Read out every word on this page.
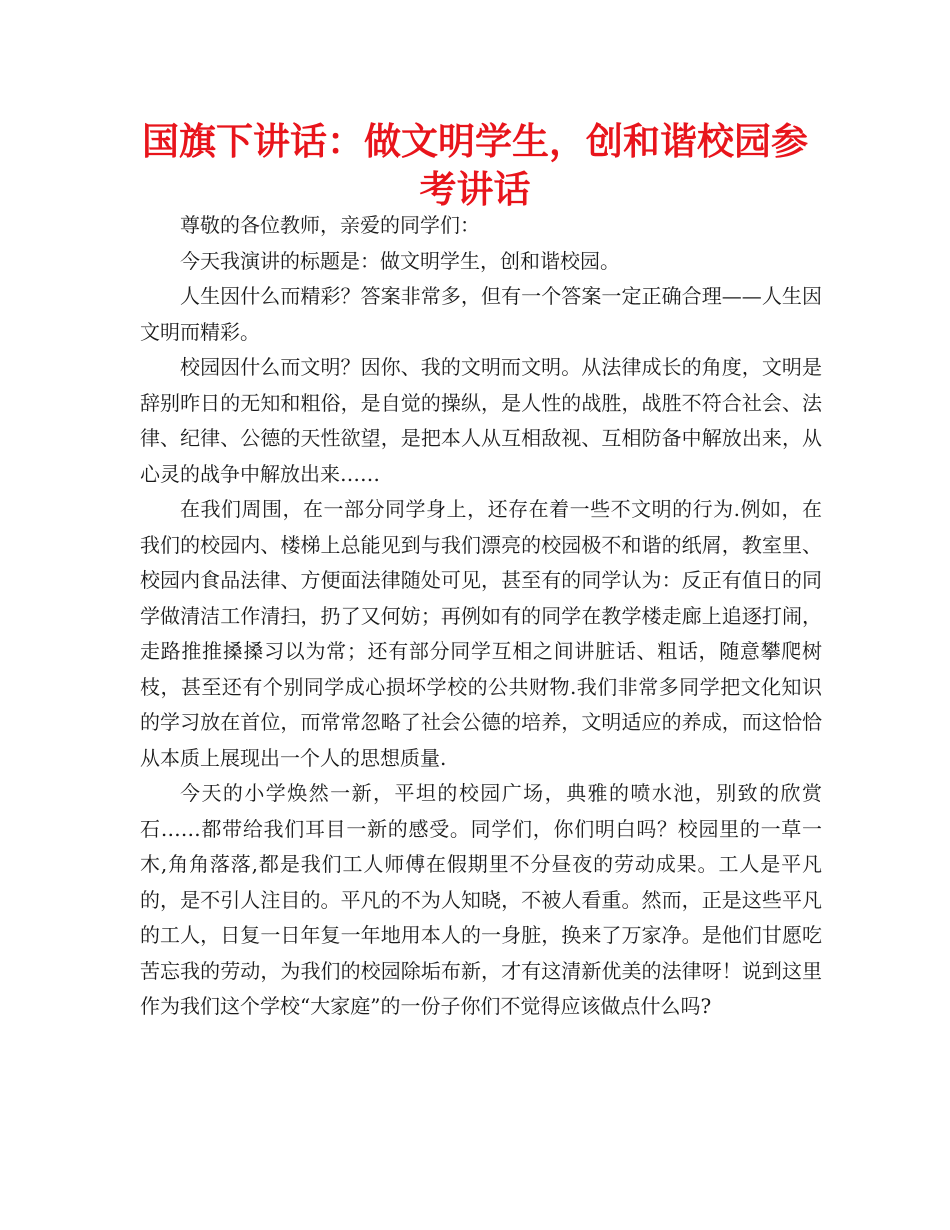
国旗下讲话：做文明学生，创和谐校园参考讲话

尊敬的各位教师，亲爱的同学们：

今天我演讲的标题是：做文明学生，创和谐校园。

人生因什么而精彩？答案非常多，但有一个答案一定正确合理——人生因文明而精彩。

校园因什么而文明？因你、我的文明而文明。从法律成长的角度，文明是辞别昨日的无知和粗俗，是自觉的操纵，是人性的战胜，战胜不符合社会、法律、纪律、公德的天性欲望，是把本人从互相敌视、互相防备中解放出来，从心灵的战争中解放出来……

在我们周围，在一部分同学身上，还存在着一些不文明的行为.例如，在我们的校园内、楼梯上总能见到与我们漂亮的校园极不和谐的纸屑，教室里、校园内食品法律、方便面法律随处可见，甚至有的同学认为：反正有值日的同学做清洁工作清扫，扔了又何妨；再例如有的同学在教学楼走廊上追逐打闹，走路推推搡搡习以为常；还有部分同学互相之间讲脏话、粗话，随意攀爬树枝，甚至还有个别同学成心损坏学校的公共财物.我们非常多同学把文化知识的学习放在首位，而常常忽略了社会公德的培养，文明适应的养成，而这恰恰从本质上展现出一个人的思想质量.

今天的小学焕然一新，平坦的校园广场，典雅的喷水池，别致的欣赏石……都带给我们耳目一新的感受。同学们，你们明白吗？校园里的一草一木,角角落落,都是我们工人师傅在假期里不分昼夜的劳动成果。工人是平凡的，是不引人注目的。平凡的不为人知晓，不被人看重。然而，正是这些平凡的工人，日复一日年复一年地用本人的一身脏，换来了万家净。是他们甘愿吃苦忘我的劳动，为我们的校园除垢布新，才有这清新优美的法律呀！说到这里作为我们这个学校“大家庭”的一份子你们不觉得应该做点什么吗?
